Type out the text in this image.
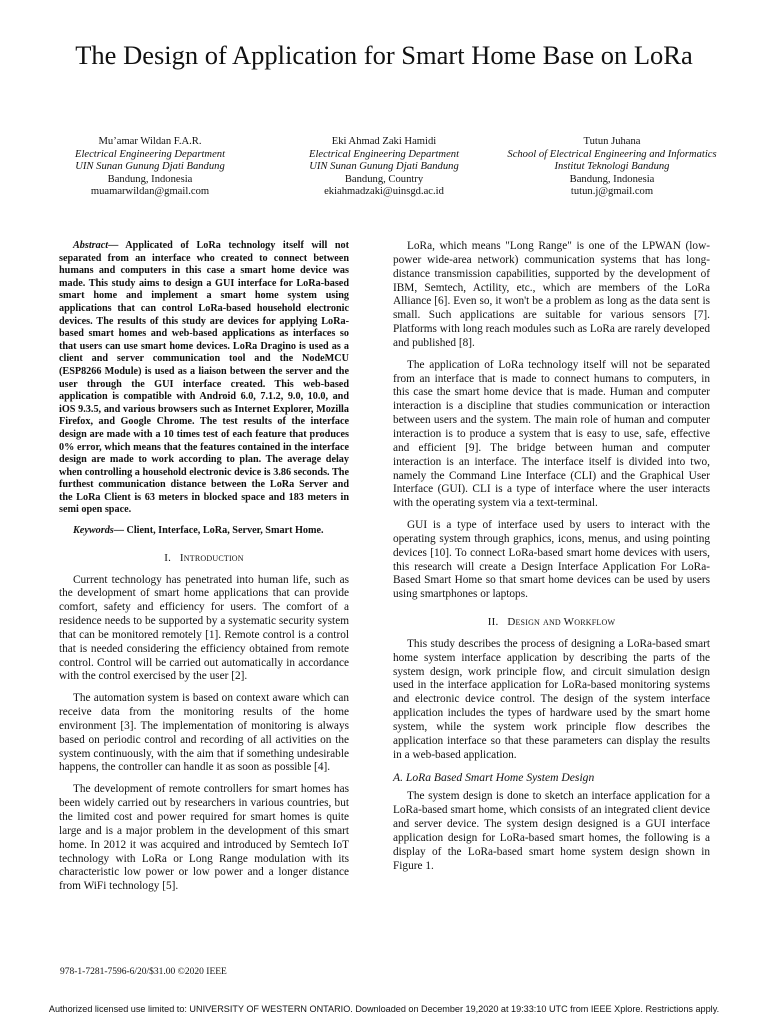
The Design of Application for Smart Home Base on LoRa
Mu’amar Wildan F.A.R.
Electrical Engineering Department
UIN Sunan Gunung Djati Bandung
Bandung, Indonesia
muamarwildan@gmail.com
Eki Ahmad Zaki Hamidi
Electrical Engineering Department
UIN Sunan Gunung Djati Bandung
Bandung, Country
ekiahmadzaki@uinsgd.ac.id
Tutun Juhana
School of Electrical Engineering and Informatics
Institut Teknologi Bandung
Bandung, Indonesia
tutun.j@gmail.com

Abstract— Applicated of LoRa technology itself will not separated from an interface who created to connect between humans and computers in this case a smart home device was made. This study aims to design a GUI interface for LoRa-based smart home and implement a smart home system using applications that can control LoRa-based household electronic devices. The results of this study are devices for applying LoRa-based smart homes and web-based applications as interfaces so that users can use smart home devices. LoRa Dragino is used as a client and server communication tool and the NodeMCU (ESP8266 Module) is used as a liaison between the server and the user through the GUI interface created. This web-based application is compatible with Android 6.0, 7.1.2, 9.0, 10.0, and iOS 9.3.5, and various browsers such as Internet Explorer, Mozilla Firefox, and Google Chrome. The test results of the interface design are made with a 10 times test of each feature that produces 0% error, which means that the features contained in the interface design are made to work according to plan. The average delay when controlling a household electronic device is 3.86 seconds. The furthest communication distance between the LoRa Server and the LoRa Client is 63 meters in blocked space and 183 meters in semi open space.

Keywords— Client, Interface, LoRa, Server, Smart Home.

I. Introduction

Current technology has penetrated into human life, such as the development of smart home applications that can provide comfort, safety and efficiency for users. The comfort of a residence needs to be supported by a systematic security system that can be monitored remotely [1]. Remote control is a control that is needed considering the efficiency obtained from remote control. Control will be carried out automatically in accordance with the control exercised by the user [2].

The automation system is based on context aware which can receive data from the monitoring results of the home environment [3]. The implementation of monitoring is always based on periodic control and recording of all activities on the system continuously, with the aim that if something undesirable happens, the controller can handle it as soon as possible [4].

The development of remote controllers for smart homes has been widely carried out by researchers in various countries, but the limited cost and power required for smart homes is quite large and is a major problem in the development of this smart home. In 2012 it was acquired and introduced by Semtech IoT technology with LoRa or Long Range modulation with its characteristic low power or low power and a longer distance from WiFi technology [5].

LoRa, which means "Long Range" is one of the LPWAN (low-power wide-area network) communication systems that has long-distance transmission capabilities, supported by the development of IBM, Semtech, Actility, etc., which are members of the LoRa Alliance [6]. Even so, it won't be a problem as long as the data sent is small. Such applications are suitable for various sensors [7]. Platforms with long reach modules such as LoRa are rarely developed and published [8].

The application of LoRa technology itself will not be separated from an interface that is made to connect humans to computers, in this case the smart home device that is made. Human and computer interaction is a discipline that studies communication or interaction between users and the system. The main role of human and computer interaction is to produce a system that is easy to use, safe, effective and efficient [9]. The bridge between human and computer interaction is an interface. The interface itself is divided into two, namely the Command Line Interface (CLI) and the Graphical User Interface (GUI). CLI is a type of interface where the user interacts with the operating system via a text-terminal.

GUI is a type of interface used by users to interact with the operating system through graphics, icons, menus, and using pointing devices [10]. To connect LoRa-based smart home devices with users, this research will create a Design Interface Application For LoRa-Based Smart Home so that smart home devices can be used by users using smartphones or laptops.

II. Design and Workflow

This study describes the process of designing a LoRa-based smart home system interface application by describing the parts of the system design, work principle flow, and circuit simulation design used in the interface application for LoRa-based monitoring systems and electronic device control. The design of the system interface application includes the types of hardware used by the smart home system, while the system work principle flow describes the application interface so that these parameters can display the results in a web-based application.

A. LoRa Based Smart Home System Design

The system design is done to sketch an interface application for a LoRa-based smart home, which consists of an integrated client device and server device. The system design designed is a GUI interface application design for LoRa-based smart homes, the following is a display of the LoRa-based smart home system design shown in Figure 1.

978-1-7281-7596-6/20/$31.00 ©2020 IEEE
Authorized licensed use limited to: UNIVERSITY OF WESTERN ONTARIO. Downloaded on December 19,2020 at 19:33:10 UTC from IEEE Xplore. Restrictions apply.
